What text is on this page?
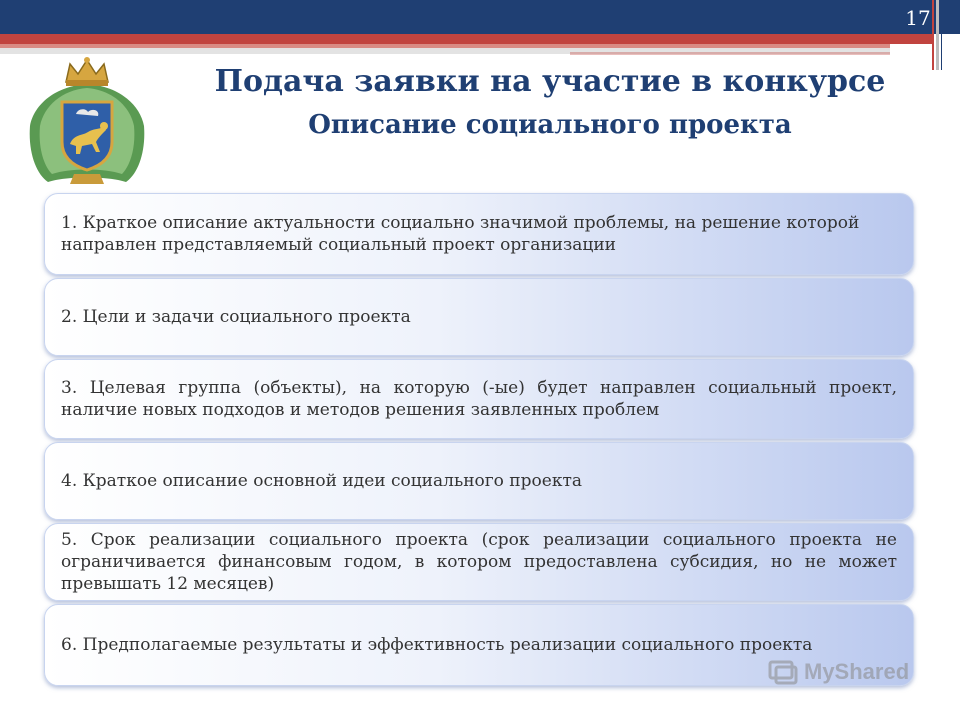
17
Подача заявки на участие в конкурсе
Описание социального проекта
1. Краткое описание актуальности социально значимой проблемы, на решение которой направлен представляемый социальный проект организации
2. Цели и задачи социального проекта
3. Целевая группа (объекты), на которую (-ые) будет направлен социальный проект, наличие новых подходов и методов решения заявленных проблем
4. Краткое описание основной идеи социального проекта
5. Срок реализации социального проекта (срок реализации социального проекта не ограничивается финансовым годом, в котором предоставлена субсидия, но не может превышать 12 месяцев)
6. Предполагаемые результаты и эффективность реализации социального проекта
MyShared
